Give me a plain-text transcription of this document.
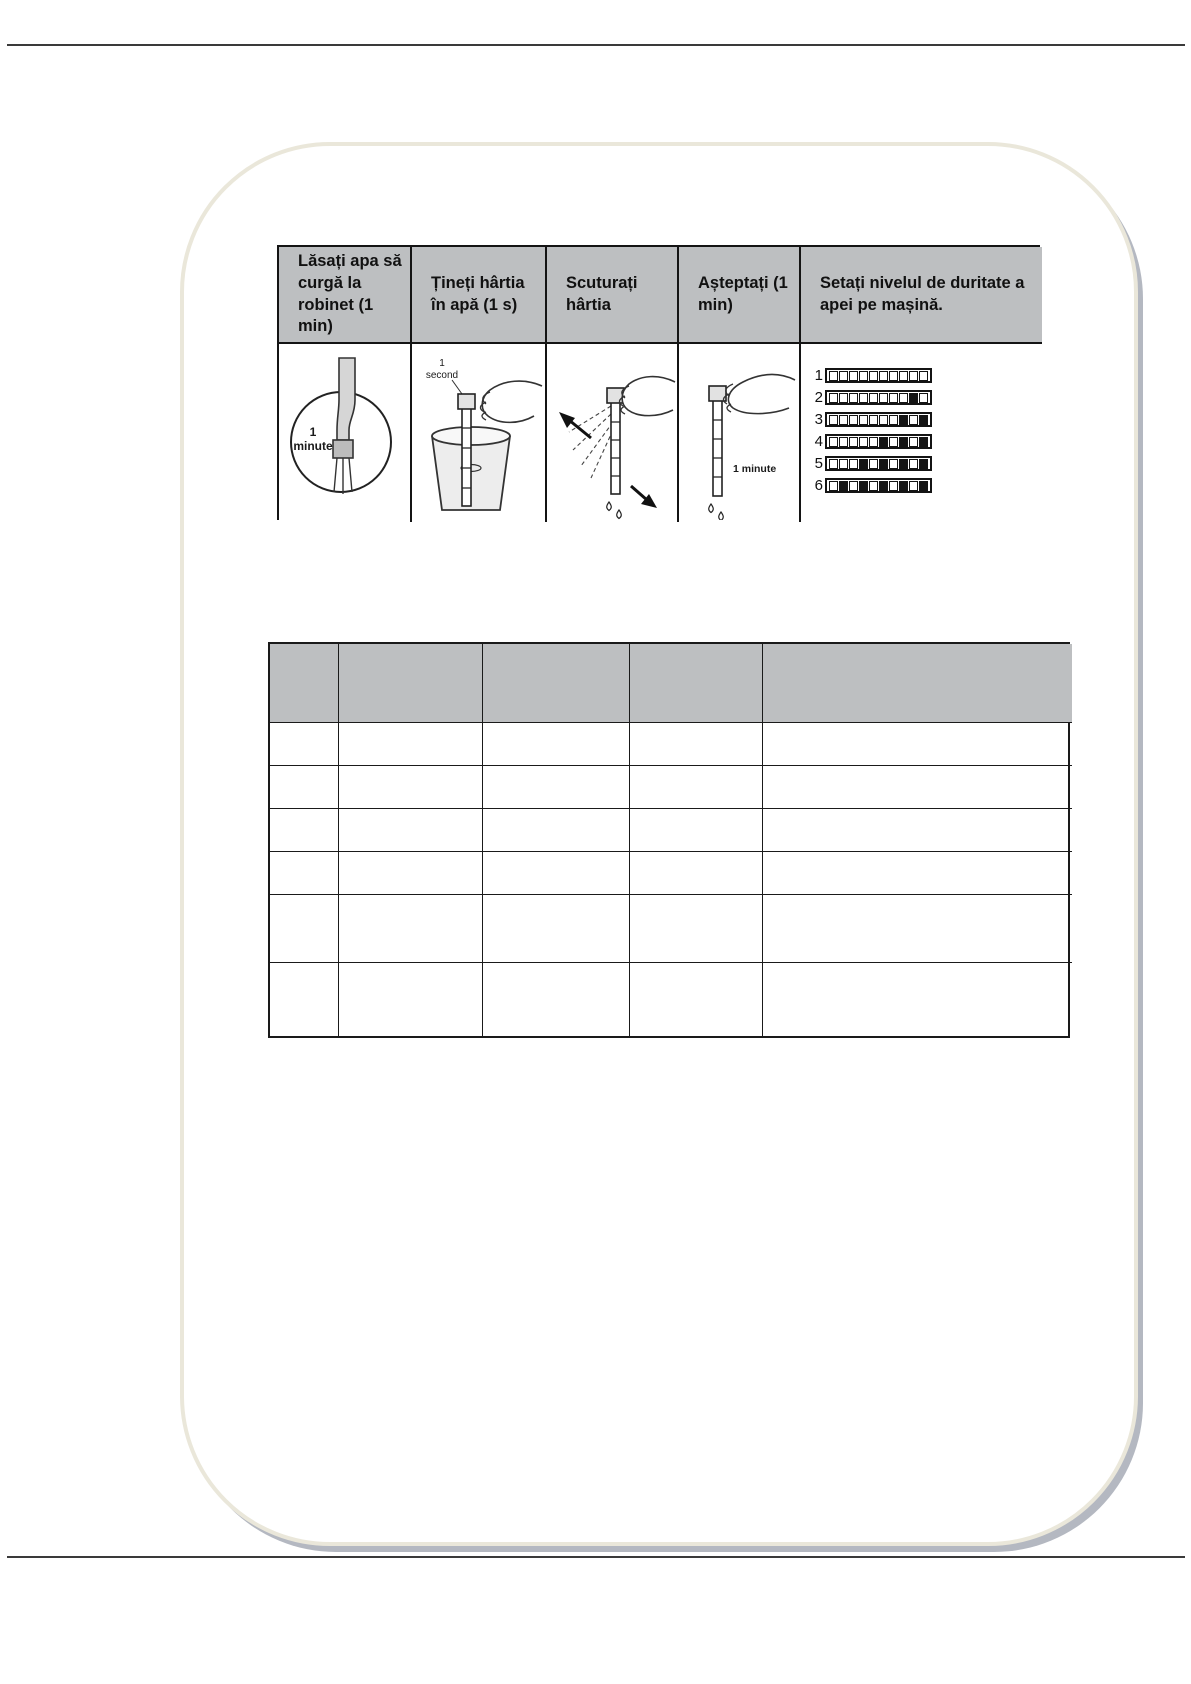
Lăsați apa să curgă la robinet (1 min)
Țineți hârtia în apă (1 s)
Scuturați hârtia
Așteptați (1 min)
Setați nivelul de duritate a apei pe mașină.
1
minute
1
second
1 minute
1
2
3
4
5
6
